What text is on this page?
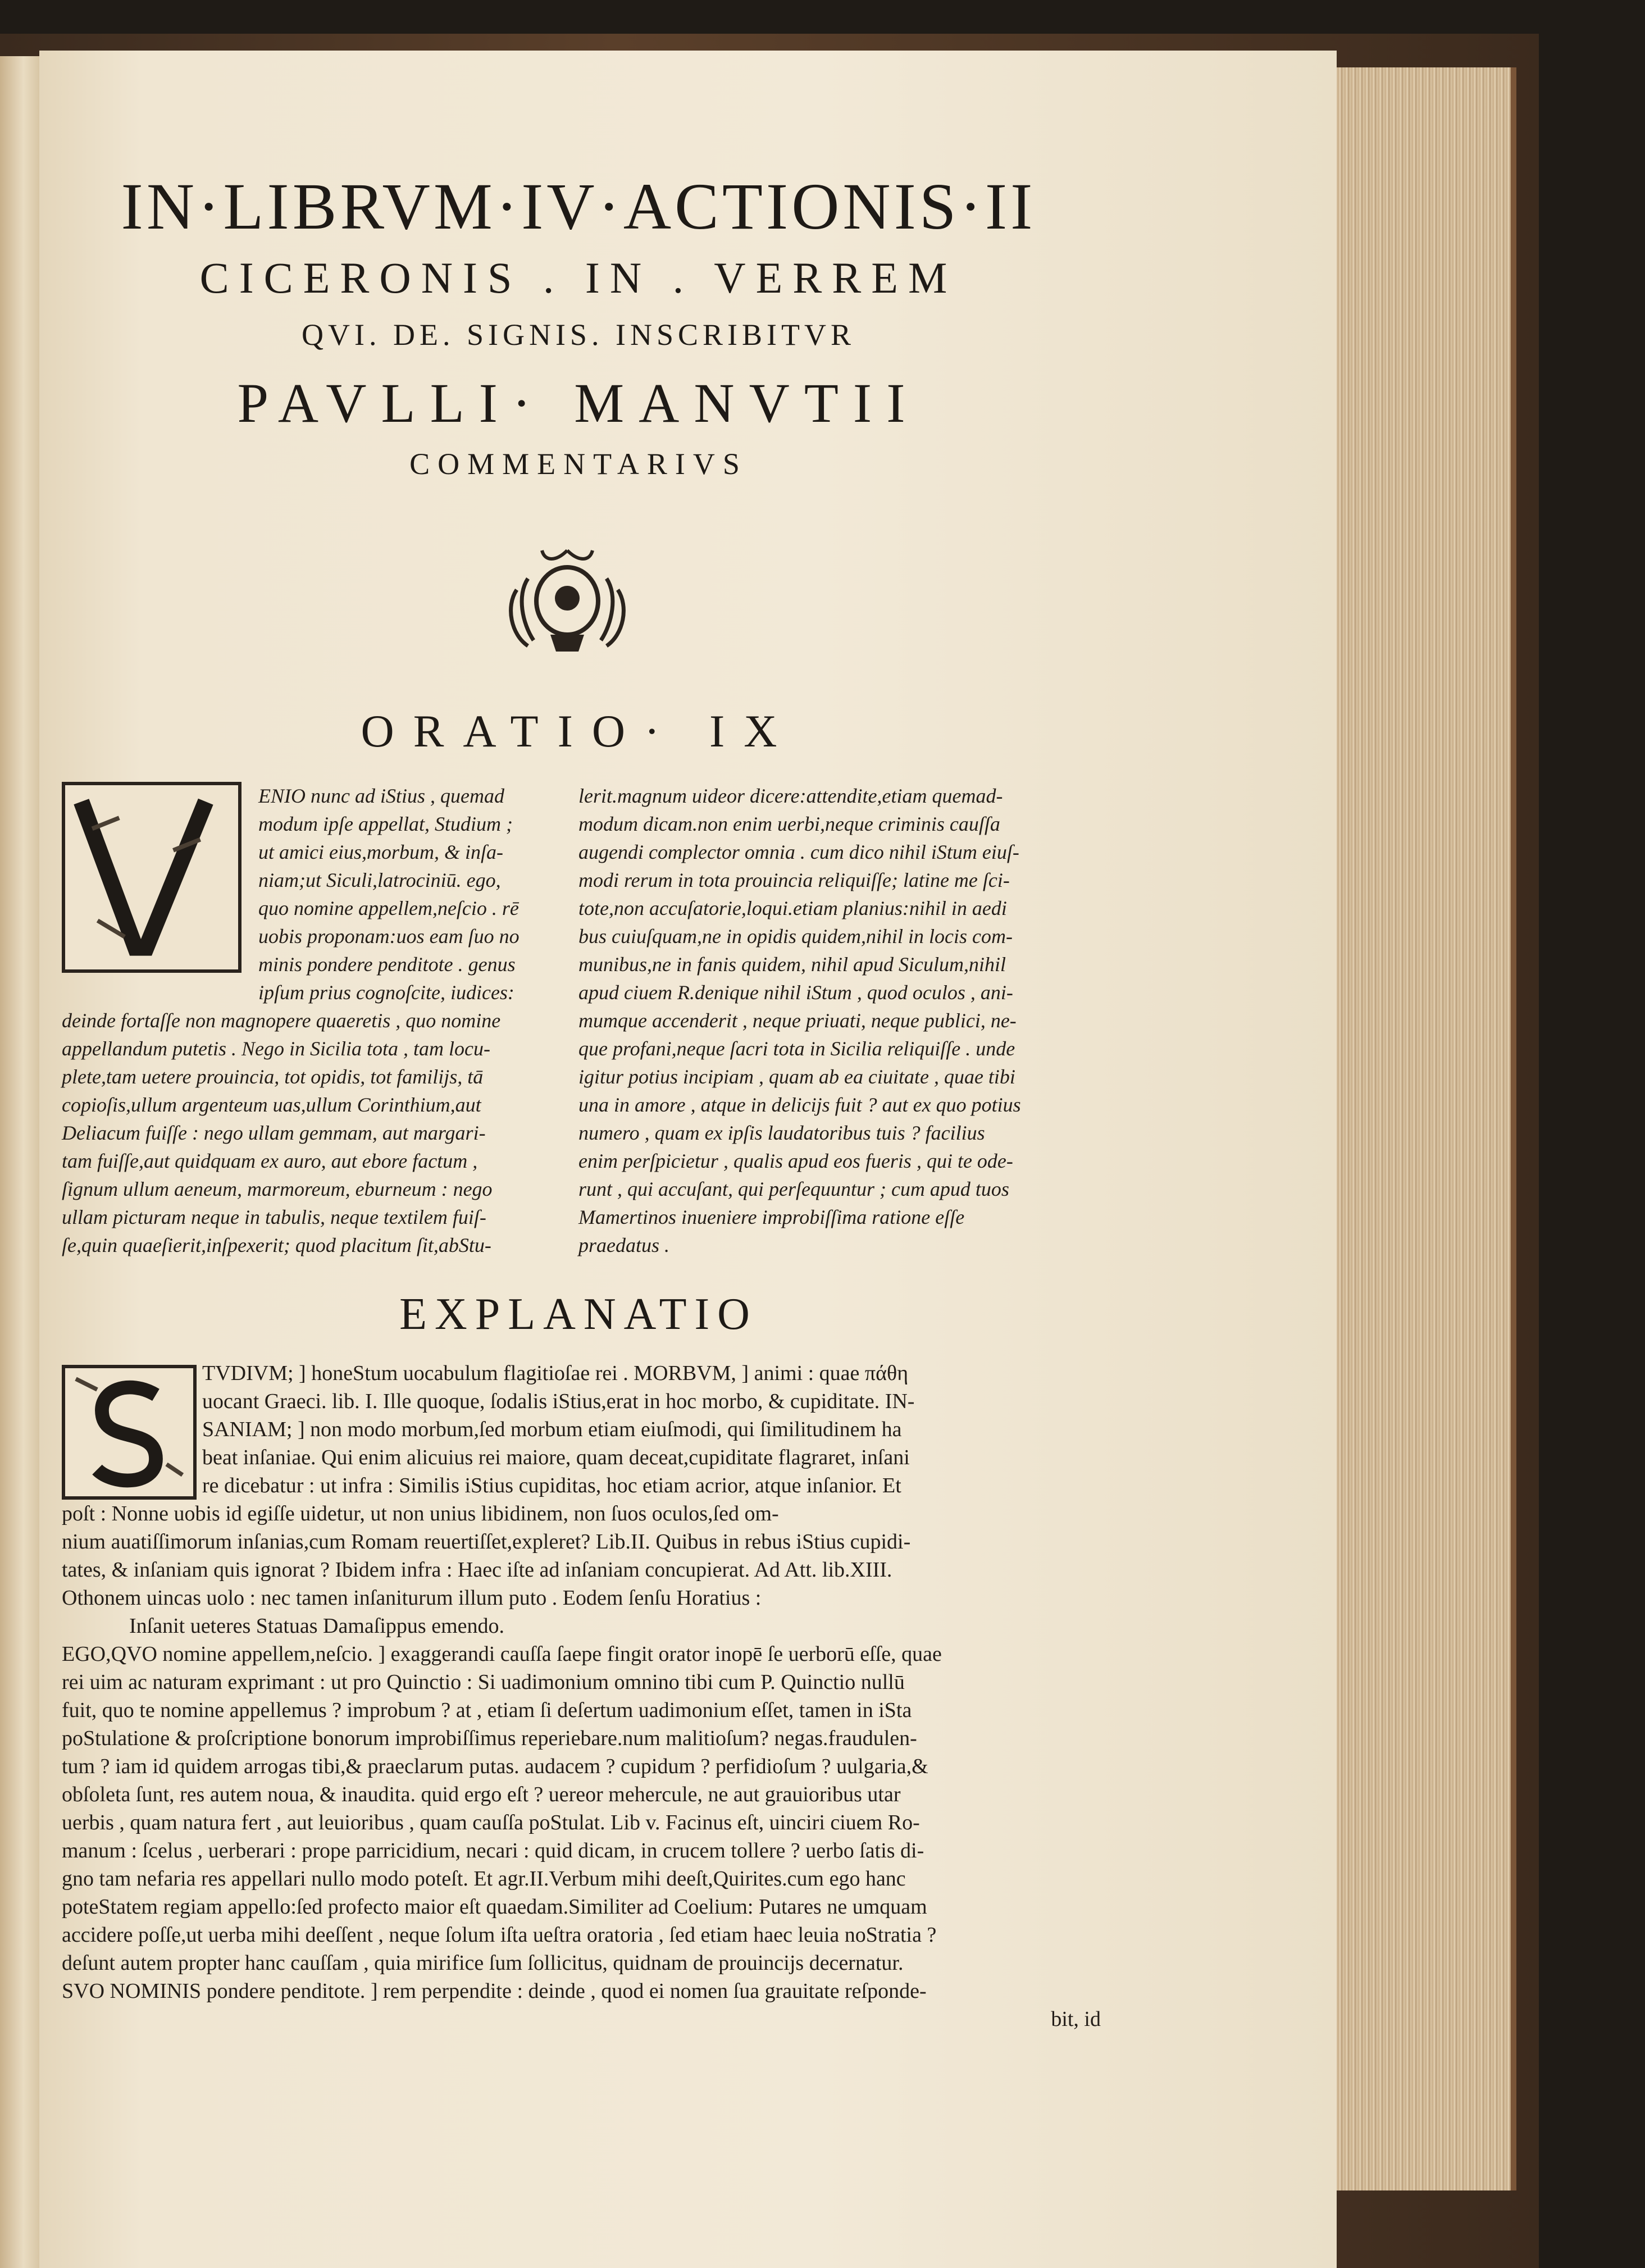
IN·LIBRVM·IV·ACTIONIS·II
CICERONIS . IN . VERREM
QVI. DE. SIGNIS. INSCRIBITVR
PAVLLI· MANVTII
COMMENTARIVS
ORATIO· IX
ENIO nunc ad iStius , quemad
modum ipſe appellat, Studium ;
ut amici eius,morbum, & inſa-
niam;ut Siculi,latrociniū. ego,
quo nomine appellem,neſcio . rē
uobis proponam:uos eam ſuo no
minis pondere penditote . genus
ipſum prius cognoſcite, iudices:
deinde fortaſſe non magnopere quaeretis , quo nomine
appellandum putetis . Nego in Sicilia tota , tam locu-
plete,tam uetere prouincia, tot opidis, tot familijs, tā
copioſis,ullum argenteum uas,ullum Corinthium,aut
Deliacum fuiſſe : nego ullam gemmam, aut margari-
tam fuiſſe,aut quidquam ex auro, aut ebore factum ,
ſignum ullum aeneum, marmoreum, eburneum : nego
ullam picturam neque in tabulis, neque textilem fuiſ-
ſe,quin quaeſierit,inſpexerit; quod placitum ſit,abStu-
lerit.magnum uideor dicere:attendite,etiam quemad-
modum dicam.non enim uerbi,neque criminis cauſſa
augendi complector omnia . cum dico nihil iStum eiuſ-
modi rerum in tota prouincia reliquiſſe; latine me ſci-
tote,non accuſatorie,loqui.etiam planius:nihil in aedi
bus cuiuſquam,ne in opidis quidem,nihil in locis com-
munibus,ne in fanis quidem, nihil apud Siculum,nihil
apud ciuem R.denique nihil iStum , quod oculos , ani-
mumque accenderit , neque priuati, neque publici, ne-
que profani,neque ſacri tota in Sicilia reliquiſſe . unde
igitur potius incipiam , quam ab ea ciuitate , quae tibi
una in amore , atque in delicijs fuit ? aut ex quo potius
numero , quam ex ipſis laudatoribus tuis ? facilius
enim perſpicietur , qualis apud eos fueris , qui te ode-
runt , qui accuſant, qui perſequuntur ; cum apud tuos
Mamertinos inueniere improbiſſima ratione eſſe
praedatus .
EXPLANATIO
TVDIVM; ] honeStum uocabulum flagitioſae rei . MORBVM, ] animi : quae πάθη
uocant Graeci. lib. I. Ille quoque, ſodalis iStius,erat in hoc morbo, & cupiditate. IN-
SANIAM; ] non modo morbum,ſed morbum etiam eiuſmodi, qui ſimilitudinem ha
beat inſaniae. Qui enim alicuius rei maiore, quam deceat,cupiditate flagraret, inſani
re dicebatur : ut infra : Similis iStius cupiditas, hoc etiam acrior, atque inſanior. Et
poſt : Nonne uobis id egiſſe uidetur, ut non unius libidinem, non ſuos oculos,ſed om-
nium auatiſſimorum inſanias,cum Romam reuertiſſet,expleret? Lib.II. Quibus in rebus iStius cupidi-
tates, & inſaniam quis ignorat ? Ibidem infra : Haec iſte ad inſaniam concupierat. Ad Att. lib.XIII.
Othonem uincas uolo : nec tamen inſaniturum illum puto . Eodem ſenſu Horatius :
Inſanit ueteres Statuas Damaſippus emendo.
EGO,QVO nomine appellem,neſcio. ] exaggerandi cauſſa ſaepe fingit orator inopē ſe uerborū eſſe, quae
rei uim ac naturam exprimant : ut pro Quinctio : Si uadimonium omnino tibi cum P. Quinctio nullū
fuit, quo te nomine appellemus ? improbum ? at , etiam ſi deſertum uadimonium eſſet, tamen in iSta
poStulatione & proſcriptione bonorum improbiſſimus reperiebare.num malitioſum? negas.fraudulen-
tum ? iam id quidem arrogas tibi,& praeclarum putas. audacem ? cupidum ? perfidioſum ? uulgaria,&
obſoleta ſunt, res autem noua, & inaudita. quid ergo eſt ? uereor mehercule, ne aut grauioribus utar
uerbis , quam natura fert , aut leuioribus , quam cauſſa poStulat. Lib v. Facinus eſt, uinciri ciuem Ro-
manum : ſcelus , uerberari : prope parricidium, necari : quid dicam, in crucem tollere ? uerbo ſatis di-
gno tam nefaria res appellari nullo modo poteſt. Et agr.II.Verbum mihi deeſt,Quirites.cum ego hanc
poteStatem regiam appello:ſed profecto maior eſt quaedam.Similiter ad Coelium: Putares ne umquam
accidere poſſe,ut uerba mihi deeſſent , neque ſolum iſta ueſtra oratoria , ſed etiam haec leuia noStratia ?
deſunt autem propter hanc cauſſam , quia mirifice ſum ſollicitus, quidnam de prouincijs decernatur.
SVO NOMINIS pondere penditote. ] rem perpendite : deinde , quod ei nomen ſua grauitate reſponde-
bit, id
